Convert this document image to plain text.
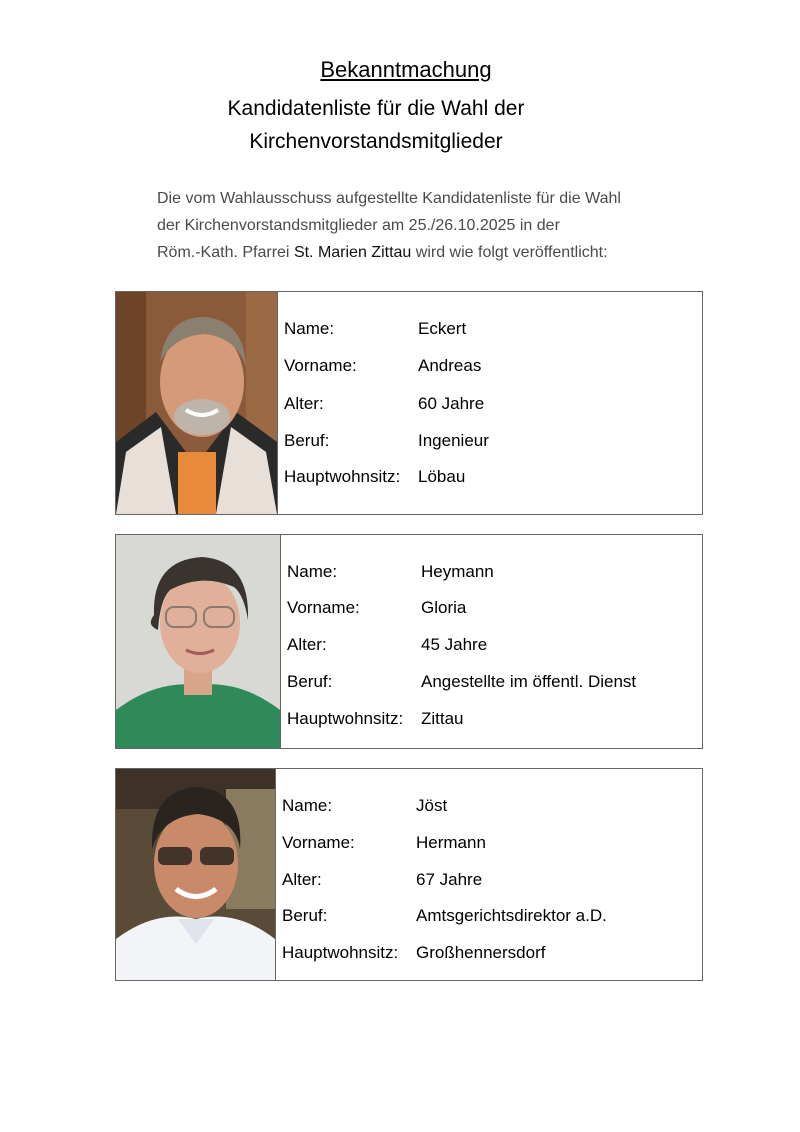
Bekanntmachung
Kandidatenliste für die Wahl der
Kirchenvorstandsmitglieder
Die vom Wahlausschuss aufgestellte Kandidatenliste für die Wahl
der Kirchenvorstandsmitglieder am 25./26.10.2025 in der
Röm.-Kath. Pfarrei St. Marien Zittau wird wie folgt veröffentlicht:
Name:	Eckert
Vorname:	Andreas
Alter:	60 Jahre
Beruf:	Ingenieur
Hauptwohnsitz: Löbau
Name:	Heymann
Vorname:	Gloria
Alter:	45 Jahre
Beruf:	Angestellte im öffentl. Dienst
Hauptwohnsitz: Zittau
Name:	Jöst
Vorname:	Hermann
Alter:	67 Jahre
Beruf:	Amtsgerichtsdirektor a.D.
Hauptwohnsitz: Großhennersdorf
